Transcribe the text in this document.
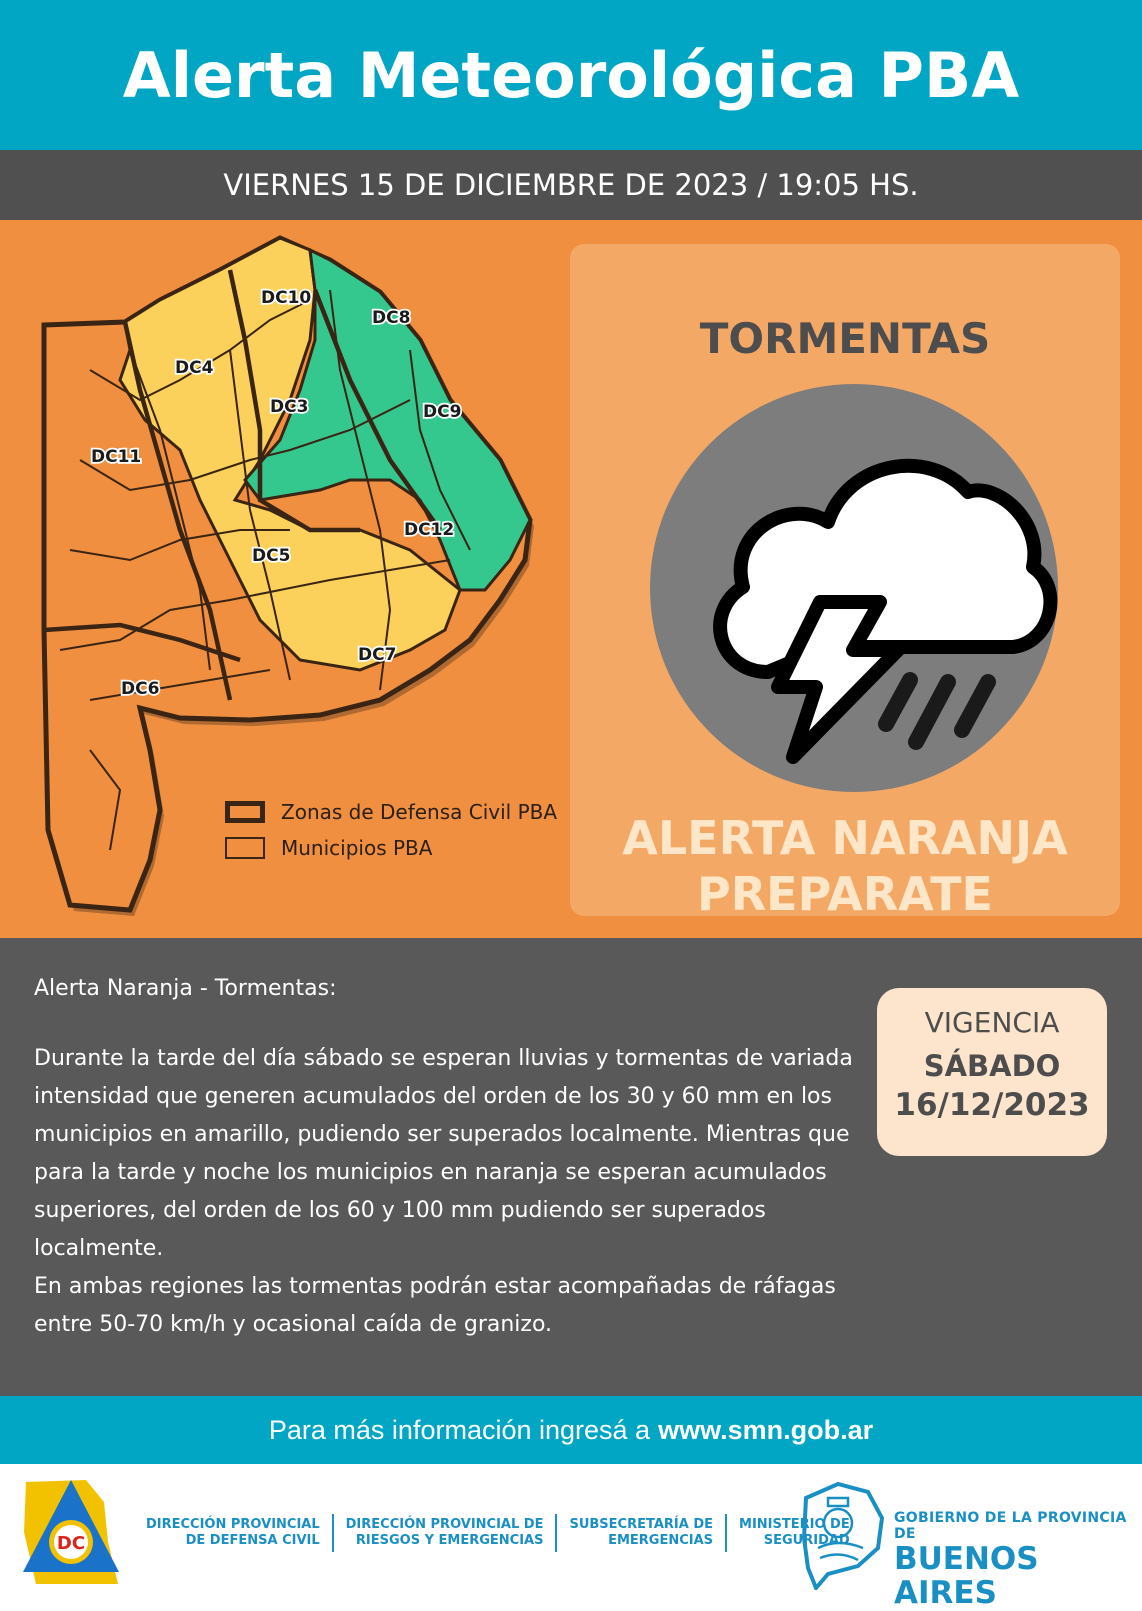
Alerta Meteorológica PBA
VIERNES 15 DE DICIEMBRE DE 2023 / 19:05 HS.
DC10
DC8
DC4
DC3	DC9
DC11
DC12
DC5
DC7
DC6
Zonas de Defensa Civil PBA
Municipios PBA
TORMENTAS
ALERTA NARANJA
PREPARATE
Alerta Naranja - Tormentas:

Durante la tarde del día sábado se esperan lluvias y tormentas de variada intensidad que generen acumulados del orden de los 30 y 60 mm en los municipios en amarillo, pudiendo ser superados localmente. Mientras que para la tarde y noche los municipios en naranja se esperan acumulados superiores, del orden de los 60 y 100 mm pudiendo ser superados localmente.

En ambas regiones las tormentas podrán estar acompañadas de ráfagas entre 50-70 km/h y ocasional caída de granizo.

VIGENCIA
SÁBADO
16/12/2023
Para más información ingresá a www.smn.gob.ar
DC
DIRECCIÓN PROVINCIAL
DE DEFENSA CIVIL
DIRECCIÓN PROVINCIAL DE
RIESGOS Y EMERGENCIAS
SUBSECRETARÍA DE
EMERGENCIAS
MINISTERIO DE
SEGURIDAD
GOBIERNO DE LA PROVINCIA DE
BUENOS AIRES
